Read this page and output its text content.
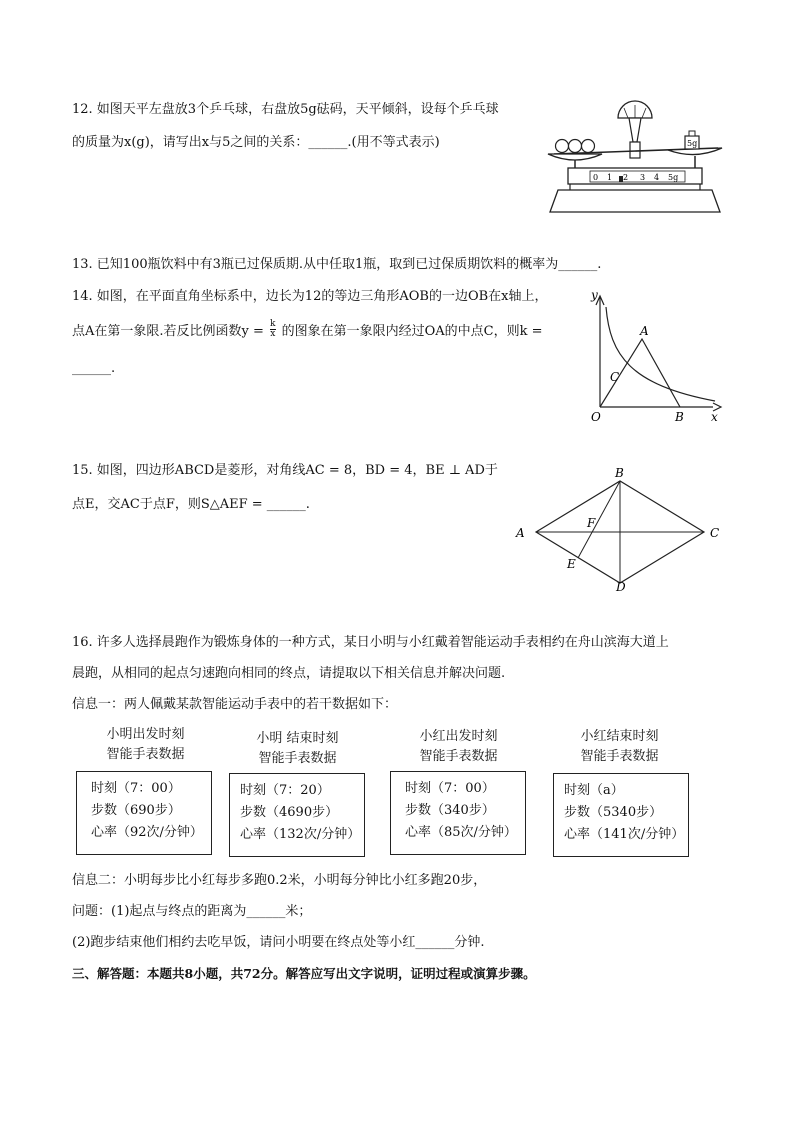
12. 如图天平左盘放3个乒乓球，右盘放5g砝码，天平倾斜，设每个乒乓球
的质量为x(g)，请写出x与5之间的关系：______.(用不等式表示)	5g
0 1 2 3 4 5g
13. 已知100瓶饮料中有3瓶已过保质期.从中任取1瓶，取到已过保质期饮料的概率为______.
14. 如图，在平面直角坐标系中，边长为12的等边三角形AOB的一边OB在x轴上，
点A在第一象限.若反比例函数$y = \frac{k}{x}$ 的图象在第一象限内经过OA的中点C，则k =
______.
y
x
O
A
B
C
15. 如图，四边形ABCD是菱形，对角线AC = 8，BD = 4，BE ⊥ AD于
点E，交AC于点F，则S△AEF = ______.
A
B
C
D
E
F
16. 许多人选择晨跑作为锻炼身体的一种方式，某日小明与小红戴着智能运动手表相约在舟山滨海大道上
晨跑，从相同的起点匀速跑向相同的终点，请提取以下相关信息并解决问题.
信息一：两人佩戴某款智能运动手表中的若干数据如下：
小明出发时刻
智能手表数据
小明 结束时刻
智能手表数据
小红出发时刻
智能手表数据
小红结束时刻
智能手表数据
时刻（7：00）
步数（690步）
心率（92次/分钟）
时刻（7：20）
步数（4690步）
心率（132次/分钟）
时刻（7：00）
步数（340步）
心率（85次/分钟）
时刻（a）
步数（5340步）
心率（141次/分钟）
信息二：小明每步比小红每步多跑0.2米，小明每分钟比小红多跑20步，
问题：(1)起点与终点的距离为______米；
(2)跑步结束他们相约去吃早饭，请问小明要在终点处等小红______分钟.
三、解答题：本题共8小题，共72分。解答应写出文字说明，证明过程或演算步骤。
